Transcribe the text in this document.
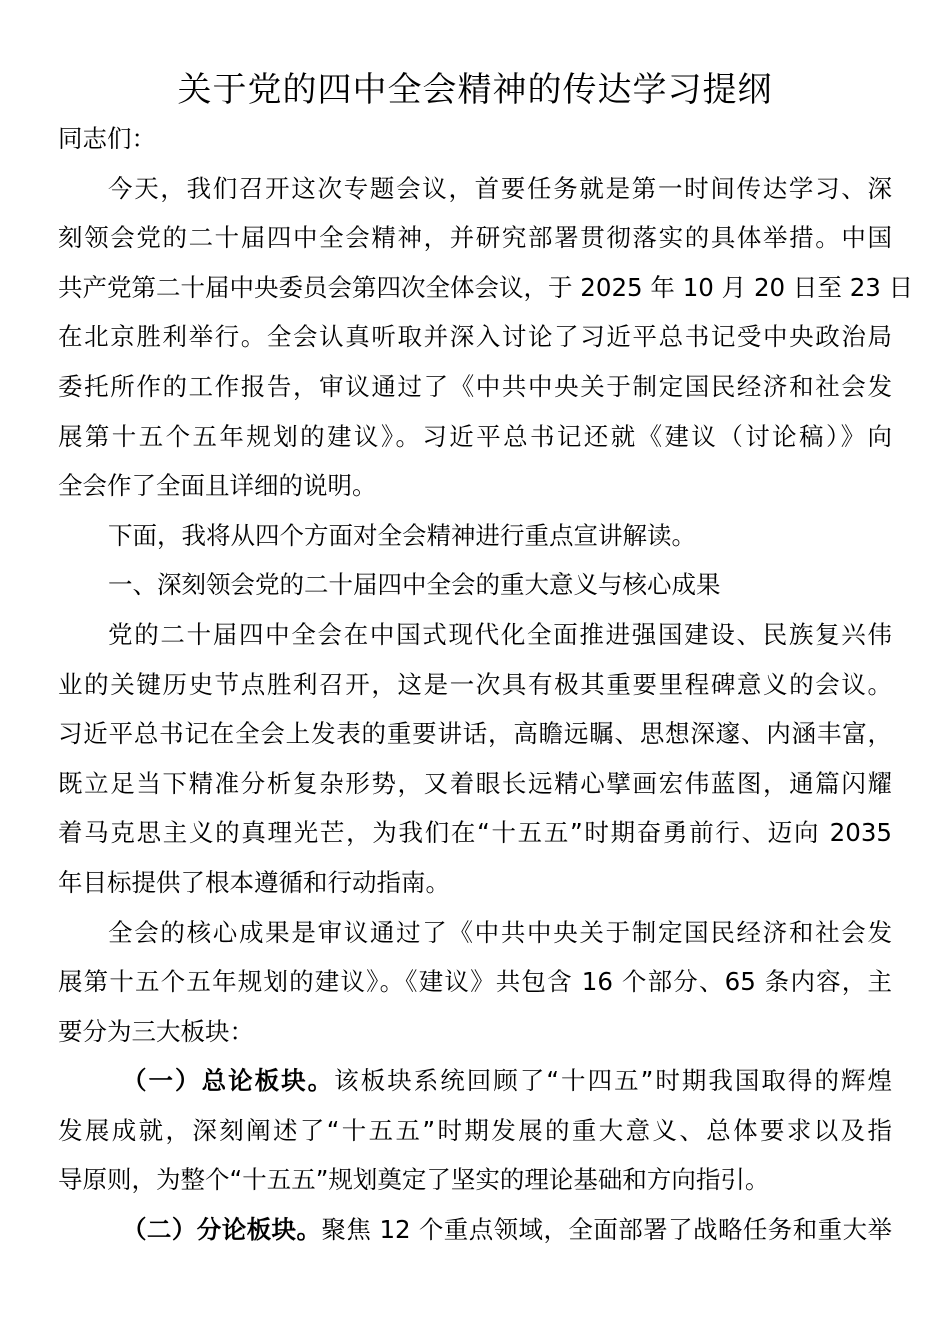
关于党的四中全会精神的传达学习提纲
同志们：
今天，我们召开这次专题会议，首要任务就是第一时间传达学习、深
刻领会党的二十届四中全会精神，并研究部署贯彻落实的具体举措。中国
共产党第二十届中央委员会第四次全体会议，于 2025 年 10 月 20 日至 23 日
在北京胜利举行。全会认真听取并深入讨论了习近平总书记受中央政治局
委托所作的工作报告，审议通过了《中共中央关于制定国民经济和社会发
展第十五个五年规划的建议》。习近平总书记还就《建议（讨论稿）》向
全会作了全面且详细的说明。
下面，我将从四个方面对全会精神进行重点宣讲解读。
一、深刻领会党的二十届四中全会的重大意义与核心成果
党的二十届四中全会在中国式现代化全面推进强国建设、民族复兴伟
业的关键历史节点胜利召开，这是一次具有极其重要里程碑意义的会议。
习近平总书记在全会上发表的重要讲话，高瞻远瞩、思想深邃、内涵丰富，
既立足当下精准分析复杂形势，又着眼长远精心擘画宏伟蓝图，通篇闪耀
着马克思主义的真理光芒，为我们在“十五五”时期奋勇前行、迈向 2035
年目标提供了根本遵循和行动指南。
全会的核心成果是审议通过了《中共中央关于制定国民经济和社会发
展第十五个五年规划的建议》。《建议》共包含 16 个部分、65 条内容，主
要分为三大板块：
（一）总论板块。该板块系统回顾了“十四五”时期我国取得的辉煌
发展成就，深刻阐述了“十五五”时期发展的重大意义、总体要求以及指
导原则，为整个“十五五”规划奠定了坚实的理论基础和方向指引。
（二）分论板块。聚焦 12 个重点领域，全面部署了战略任务和重大举
